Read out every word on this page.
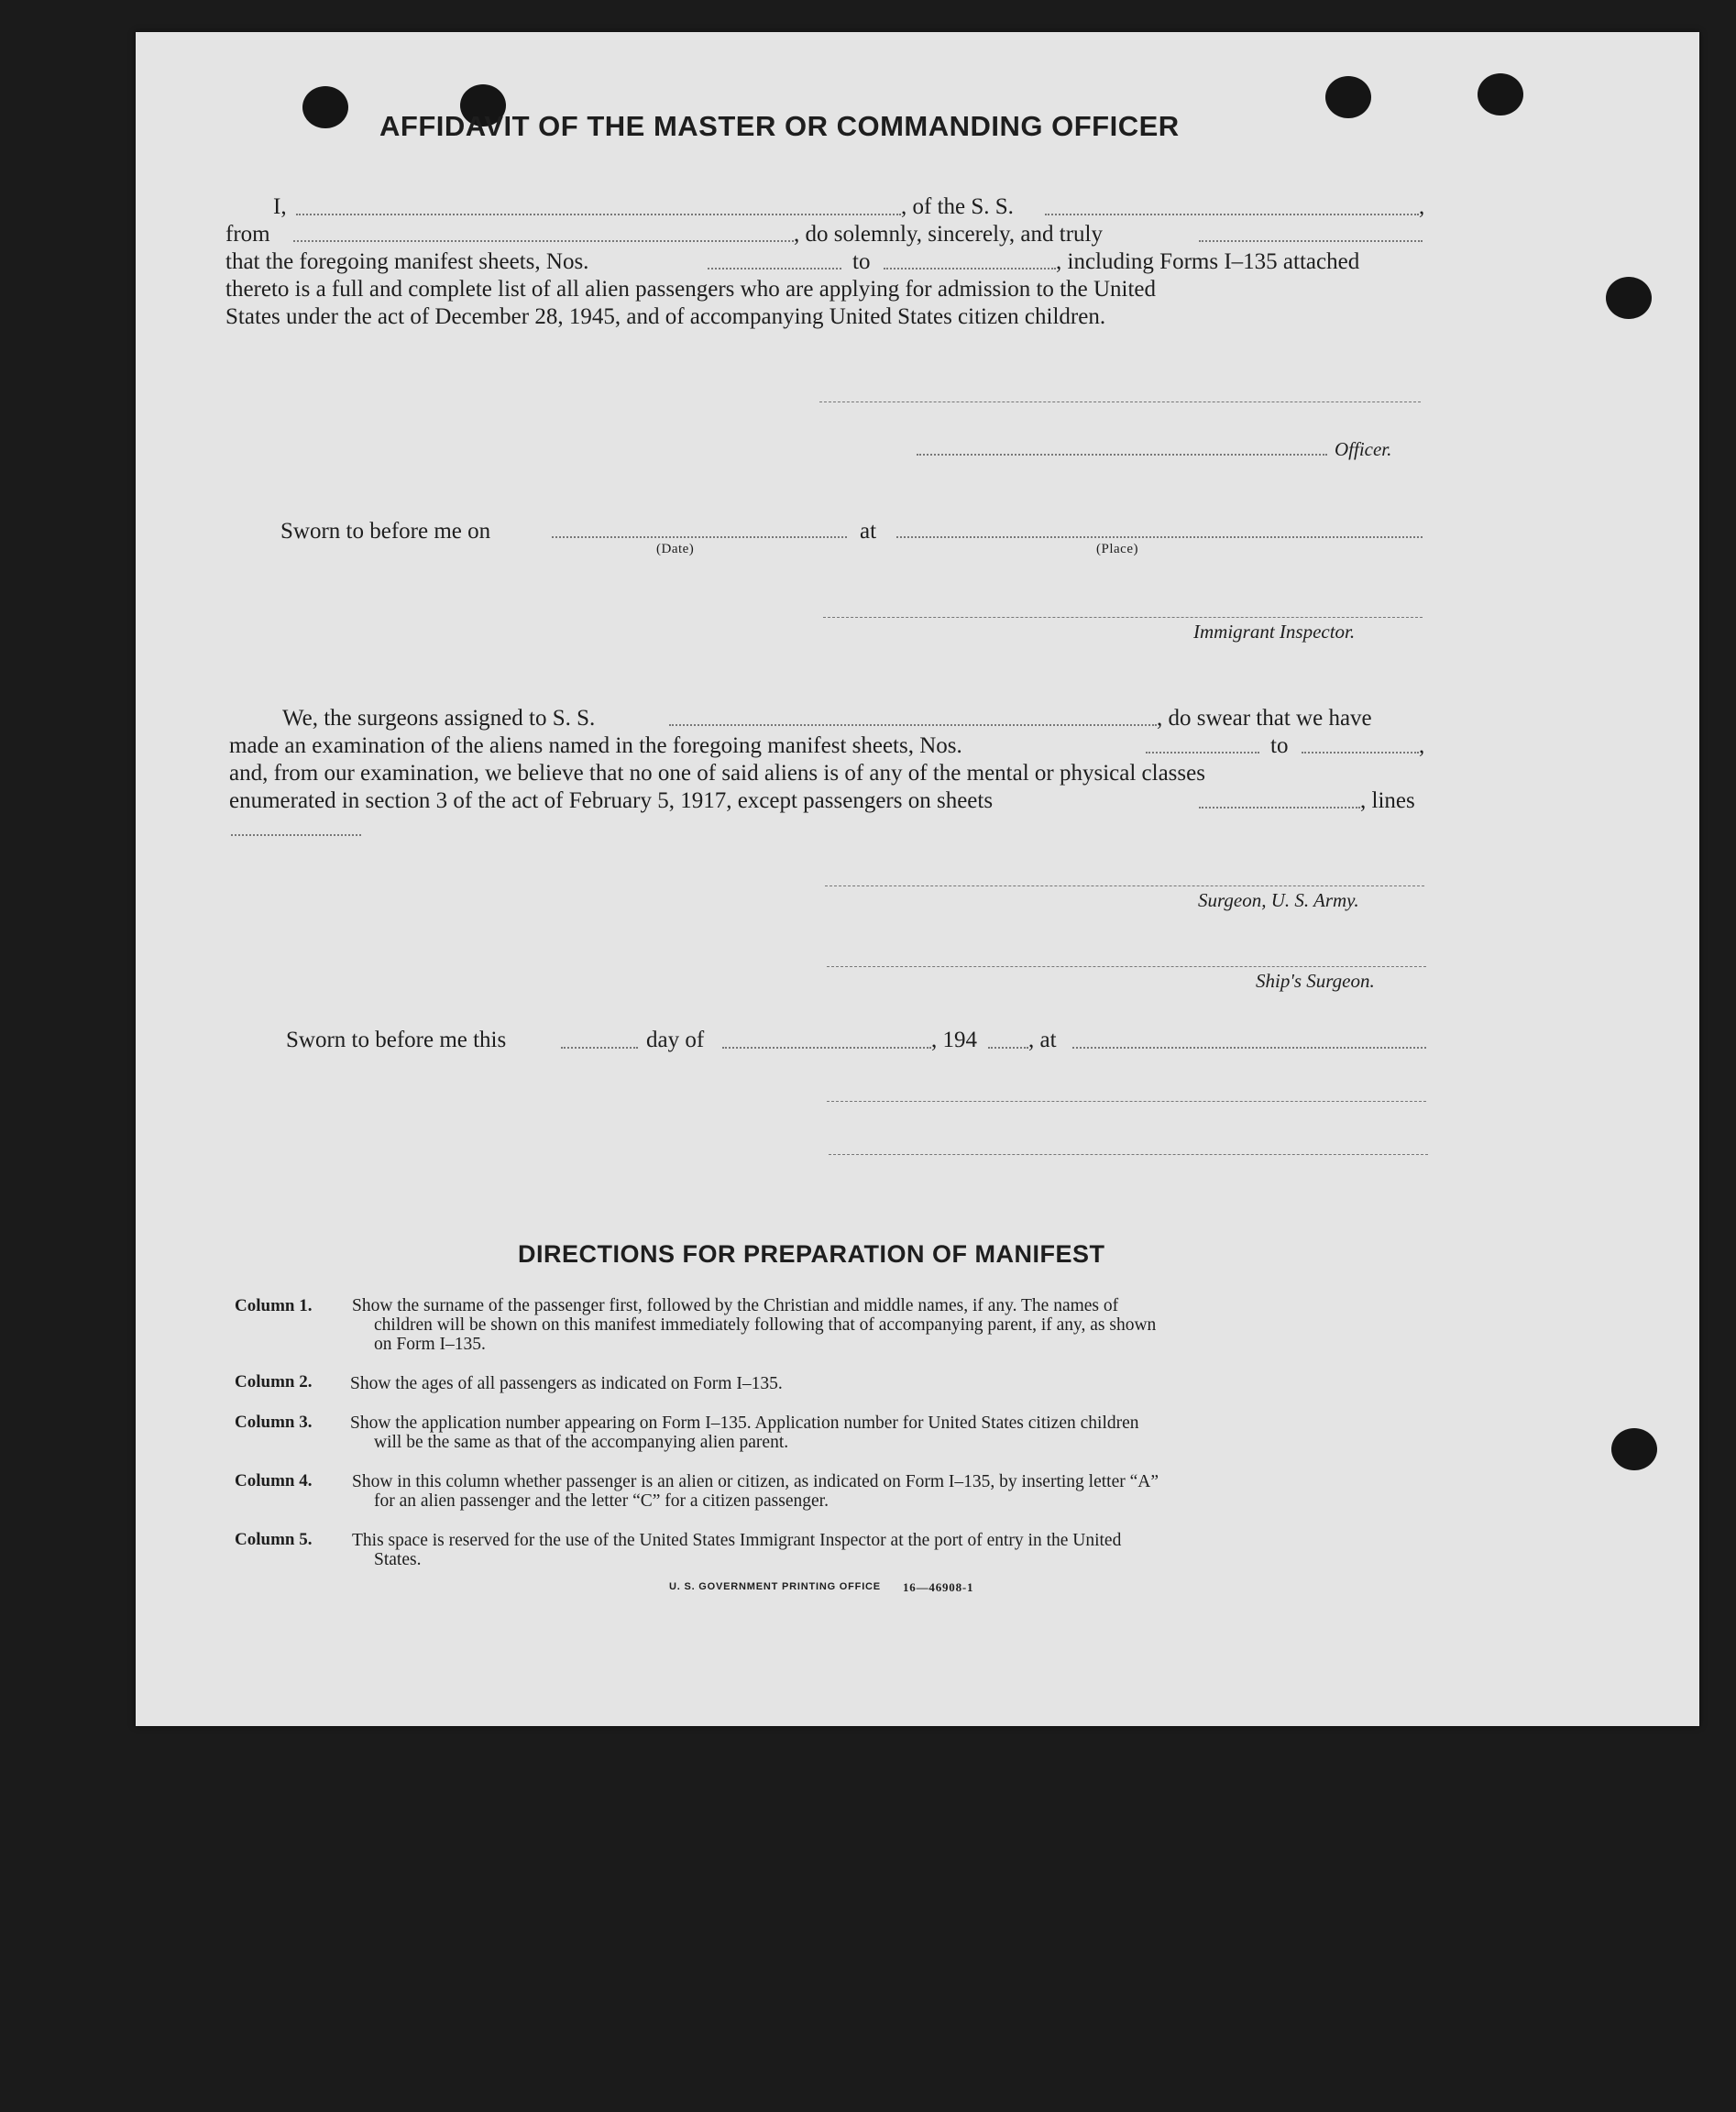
AFFIDAVIT OF THE MASTER OR COMMANDING OFFICER
I,	, of the S. S.	,
from	, do solemnly, sincerely, and truly
that the foregoing manifest sheets, Nos.	to	, including Forms I–135 attached
thereto is a full and complete list of all alien passengers who are applying for admission to the United
States under the act of December 28, 1945, and of accompanying United States citizen children.
Officer.
Sworn to before me on
(Date)
at
(Place)
Immigrant Inspector.
We, the surgeons assigned to S. S.	, do swear that we have
made an examination of the aliens named in the foregoing manifest sheets, Nos.	to	,
and, from our examination, we believe that no one of said aliens is of any of the mental or physical classes
enumerated in section 3 of the act of February 5, 1917, except passengers on sheets	, lines
Surgeon, U. S. Army.
Ship's Surgeon.
Sworn to before me this	day of	, 194 , at
DIRECTIONS FOR PREPARATION OF MANIFEST
Column 1. Show the surname of the passenger first, followed by the Christian and middle names, if any. The names of
children will be shown on this manifest immediately following that of accompanying parent, if any, as shown
on Form I–135.
Column 2. Show the ages of all passengers as indicated on Form I–135.
Column 3. Show the application number appearing on Form I–135. Application number for United States citizen children
will be the same as that of the accompanying alien parent.
Column 4. Show in this column whether passenger is an alien or citizen, as indicated on Form I–135, by inserting letter “A”
for an alien passenger and the letter “C” for a citizen passenger.
Column 5. This space is reserved for the use of the United States Immigrant Inspector at the port of entry in the United
States.
U. S. GOVERNMENT PRINTING OFFICE 16—46908-1
